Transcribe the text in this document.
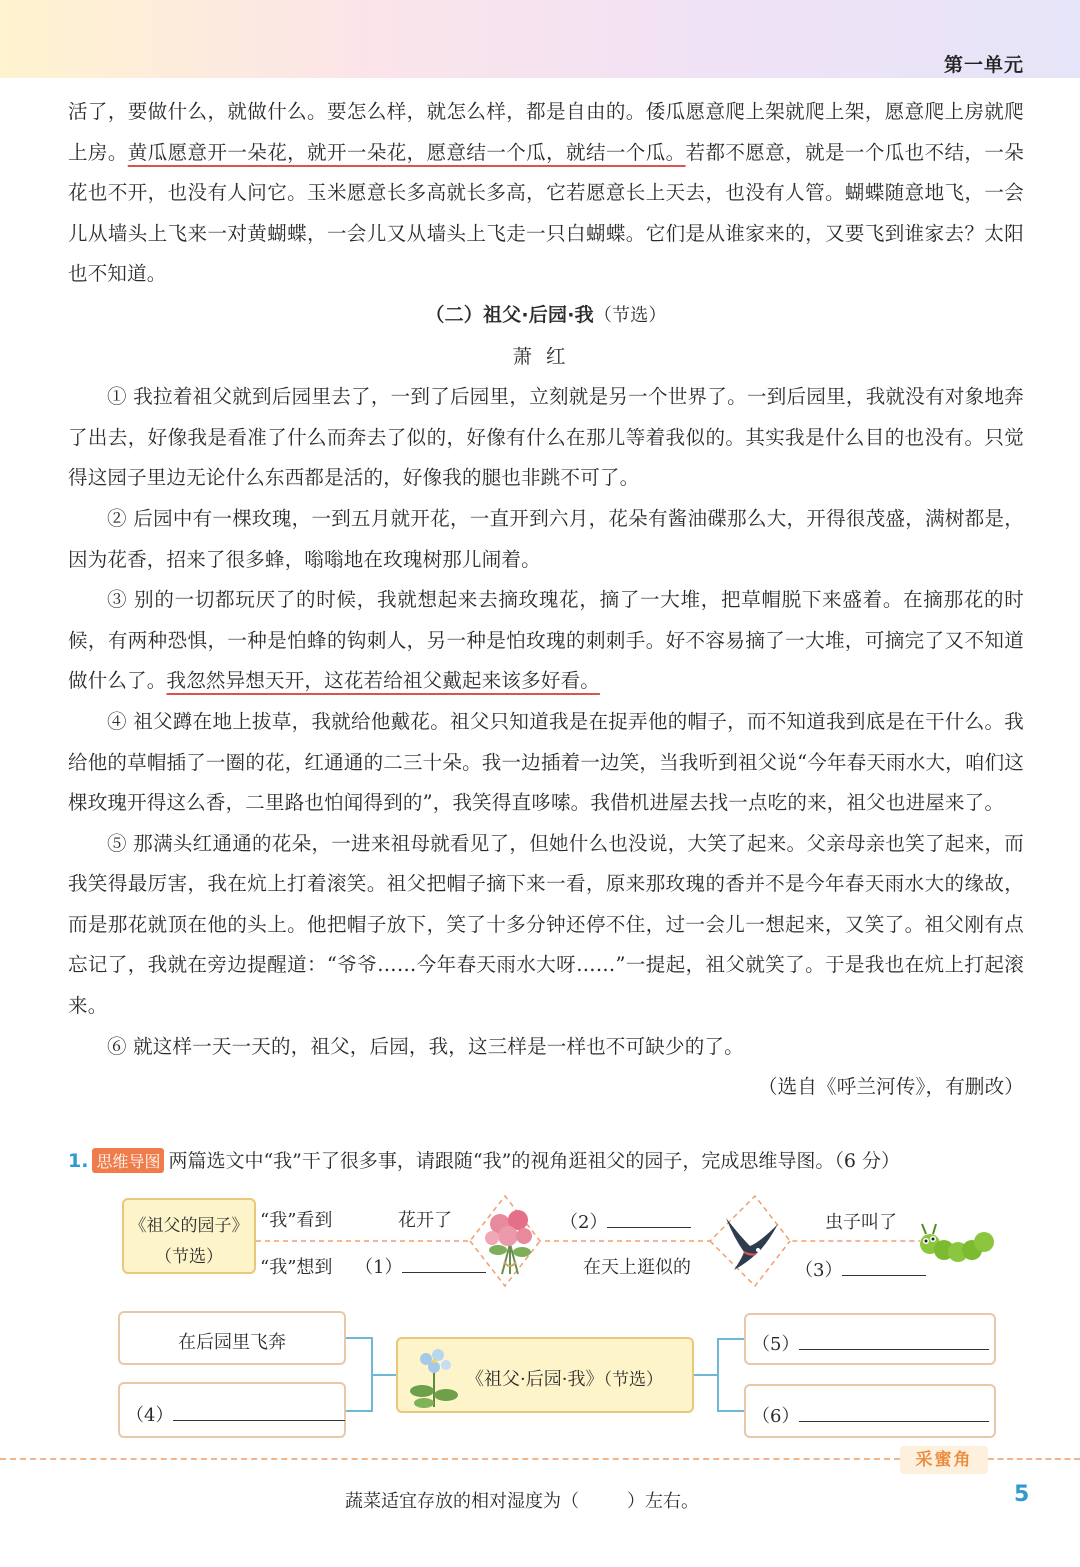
第一单元

活了，要做什么，就做什么。要怎么样，就怎么样，都是自由的。倭瓜愿意爬上架就爬上架，愿意爬上房就爬上房。黄瓜愿意开一朵花，就开一朵花，愿意结一个瓜，就结一个瓜。若都不愿意，就是一个瓜也不结，一朵花也不开，也没有人问它。玉米愿意长多高就长多高，它若愿意长上天去，也没有人管。蝴蝶随意地飞，一会儿从墙头上飞来一对黄蝴蝶，一会儿又从墙头上飞走一只白蝴蝶。它们是从谁家来的，又要飞到谁家去？太阳也不知道。

（二）祖父·后园·我（节选）

萧红

① 我拉着祖父就到后园里去了，一到了后园里，立刻就是另一个世界了。一到后园里，我就没有对象地奔了出去，好像我是看准了什么而奔去了似的，好像有什么在那儿等着我似的。其实我是什么目的也没有。只觉得这园子里边无论什么东西都是活的，好像我的腿也非跳不可了。

② 后园中有一棵玫瑰，一到五月就开花，一直开到六月，花朵有酱油碟那么大，开得很茂盛，满树都是，因为花香，招来了很多蜂，嗡嗡地在玫瑰树那儿闹着。

③ 别的一切都玩厌了的时候，我就想起来去摘玫瑰花，摘了一大堆，把草帽脱下来盛着。在摘那花的时候，有两种恐惧，一种是怕蜂的钩刺人，另一种是怕玫瑰的刺刺手。好不容易摘了一大堆，可摘完了又不知道做什么了。我忽然异想天开，这花若给祖父戴起来该多好看。

④ 祖父蹲在地上拔草，我就给他戴花。祖父只知道我是在捉弄他的帽子，而不知道我到底是在干什么。我给他的草帽插了一圈的花，红通通的二三十朵。我一边插着一边笑，当我听到祖父说“今年春天雨水大，咱们这棵玫瑰开得这么香，二里路也怕闻得到的”，我笑得直哆嗦。我借机进屋去找一点吃的来，祖父也进屋来了。

⑤ 那满头红通通的花朵，一进来祖母就看见了，但她什么也没说，大笑了起来。父亲母亲也笑了起来，而我笑得最厉害，我在炕上打着滚笑。祖父把帽子摘下来一看，原来那玫瑰的香并不是今年春天雨水大的缘故，而是那花就顶在他的头上。他把帽子放下，笑了十多分钟还停不住，过一会儿一想起来，又笑了。祖父刚有点忘记了，我就在旁边提醒道：“爷爷……今年春天雨水大呀……”一提起，祖父就笑了。于是我也在炕上打起滚来。

⑥ 就这样一天一天的，祖父，后园，我，这三样是一样也不可缺少的了。

（选自《呼兰河传》，有删改）

1. 思维导图 两篇选文中“我”干了很多事，请跟随“我”的视角逛祖父的园子，完成思维导图。（6 分）
《祖父的园子》
（节选）
“我”看到
“我”想到
花开了
（1）
（2）
在天上逛似的
虫子叫了
（3）
在后园里飞奔
（4）
《祖父·后园·我》（节选）
（5）
（6）
采蜜角
蔬菜适宜存放的相对湿度为（	）左右。	5
